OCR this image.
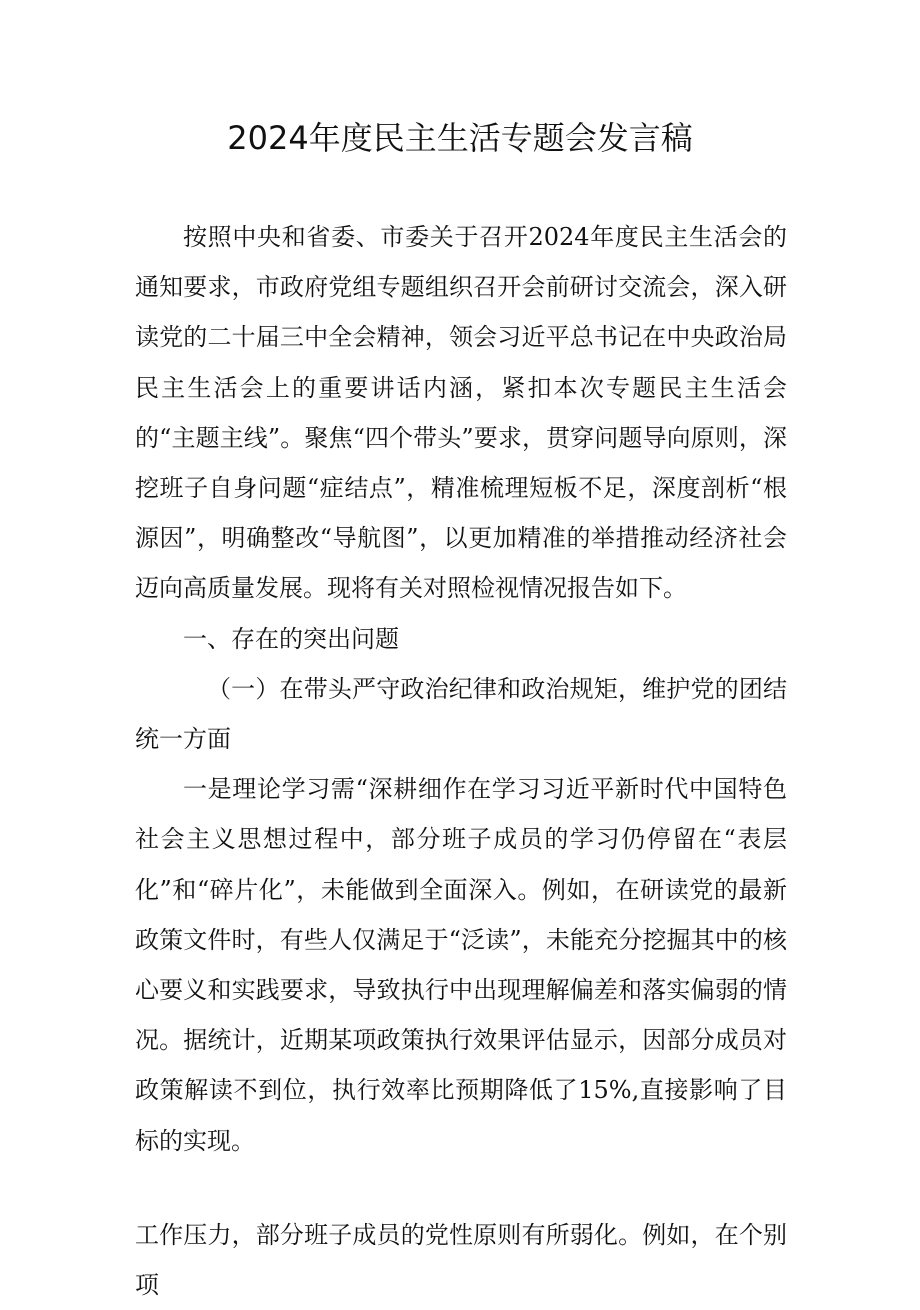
2024年度民主生活专题会发言稿

按照中央和省委、市委关于召开2024年度民主生活会的通知要求，市政府党组专题组织召开会前研讨交流会，深入研读党的二十届三中全会精神，领会习近平总书记在中央政治局民主生活会上的重要讲话内涵，紧扣本次专题民主生活会的“主题主线”。聚焦“四个带头”要求，贯穿问题导向原则，深挖班子自身问题“症结点”，精准梳理短板不足，深度剖析“根源因”，明确整改“导航图”，以更加精准的举措推动经济社会迈向高质量发展。现将有关对照检视情况报告如下。

一、存在的突出问题

（一）在带头严守政治纪律和政治规矩，维护党的团结统一方面

一是理论学习需“深耕细作在学习习近平新时代中国特色社会主义思想过程中，部分班子成员的学习仍停留在“表层化”和“碎片化”，未能做到全面深入。例如，在研读党的最新政策文件时，有些人仅满足于“泛读”，未能充分挖掘其中的核心要义和实践要求，导致执行中出现理解偏差和落实偏弱的情况。据统计，近期某项政策执行效果评估显示，因部分成员对政策解读不到位，执行效率比预期降低了15%,直接影响了目标的实现。

工作压力，部分班子成员的党性原则有所弱化。例如，在个别项
